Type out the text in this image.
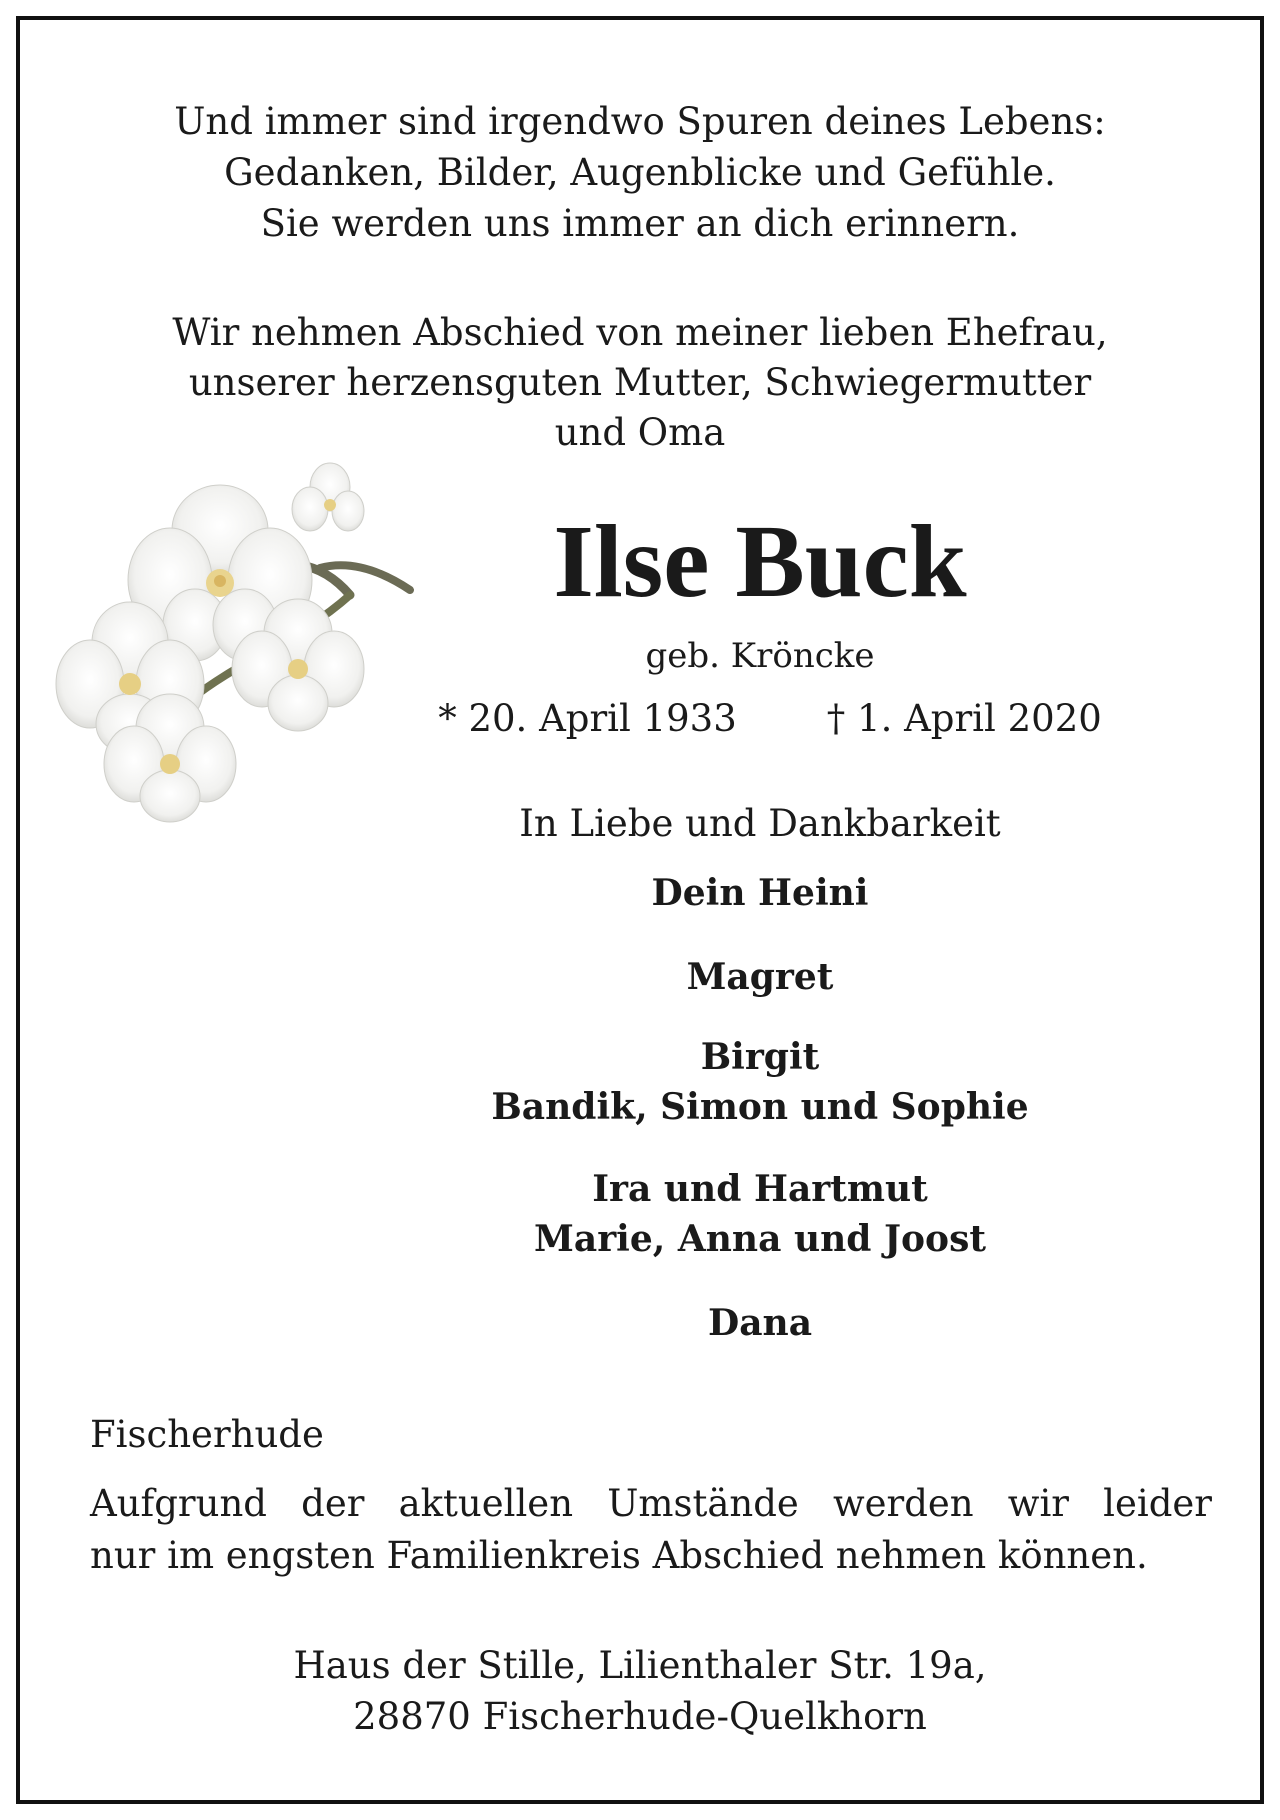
Und immer sind irgendwo Spuren deines Lebens:
Gedanken, Bilder, Augenblicke und Gefühle.
Sie werden uns immer an dich erinnern.
Wir nehmen Abschied von meiner lieben Ehefrau,
unserer herzensguten Mutter, Schwiegermutter
und Oma
Ilse Buck
geb. Kröncke
* 20. April 1933 † 1. April 2020
In Liebe und Dankbarkeit
Dein Heini
Magret
Birgit
Bandik, Simon und Sophie
Ira und Hartmut
Marie, Anna und Joost
Dana
Fischerhude
Aufgrund der aktuellen Umstände werden wir leider
nur im engsten Familienkreis Abschied nehmen können.
Haus der Stille, Lilienthaler Str. 19a,
28870 Fischerhude-Quelkhorn
